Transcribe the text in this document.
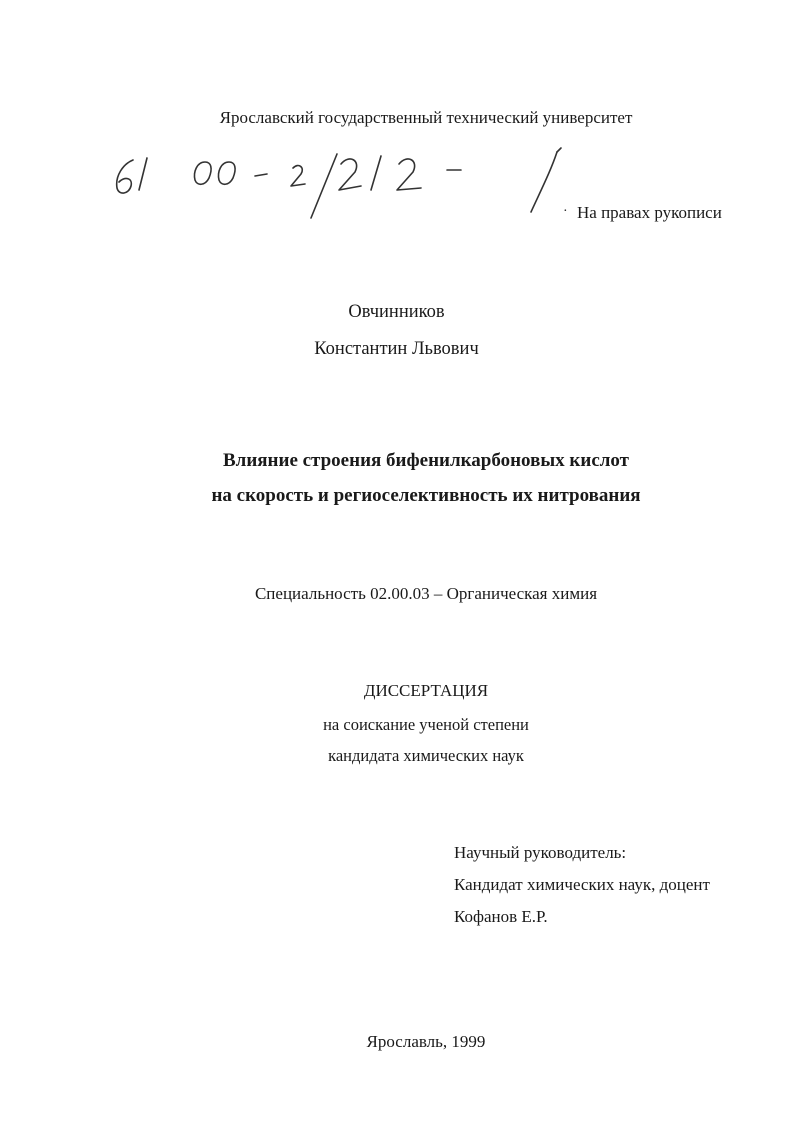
Ярославский государственный технический университет
· На правах рукописи
Овчинников
Константин Львович
Влияние строения бифенилкарбоновых кислот
на скорость и региоселективность их нитрования
Специальность 02.00.03 – Органическая химия
ДИССЕРТАЦИЯ
на соискание ученой степени
кандидата химических наук
Научный руководитель:
Кандидат химических наук, доцент
Кофанов Е.Р.
Ярославль, 1999
